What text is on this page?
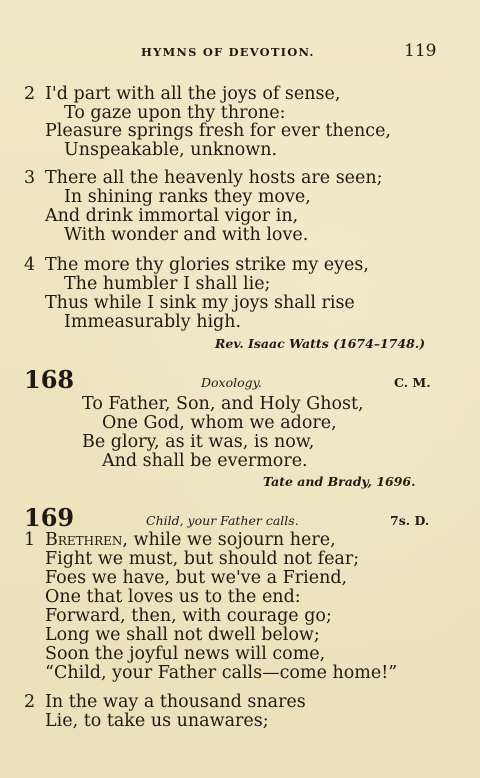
HYMNS OF DEVOTION.	119
2 I'd part with all the joys of sense,
To gaze upon thy throne:
Pleasure springs fresh for ever thence,
Unspeakable, unknown.
3 There all the heavenly hosts are seen;
In shining ranks they move,
And drink immortal vigor in,
With wonder and with love.
4 The more thy glories strike my eyes,
The humbler I shall lie;
Thus while I sink my joys shall rise
Immeasurably high.
Rev. Isaac Watts (1674–1748.)
168	Doxology.	C. M.
To Father, Son, and Holy Ghost,
One God, whom we adore,
Be glory, as it was, is now,
And shall be evermore.
Tate and Brady, 1696.
169	Child, your Father calls.	7s. D.
1 Brethren, while we sojourn here,
Fight we must, but should not fear;
Foes we have, but we've a Friend,
One that loves us to the end:
Forward, then, with courage go;
Long we shall not dwell below;
Soon the joyful news will come,
“Child, your Father calls—come home!”
2 In the way a thousand snares
Lie, to take us unawares;
